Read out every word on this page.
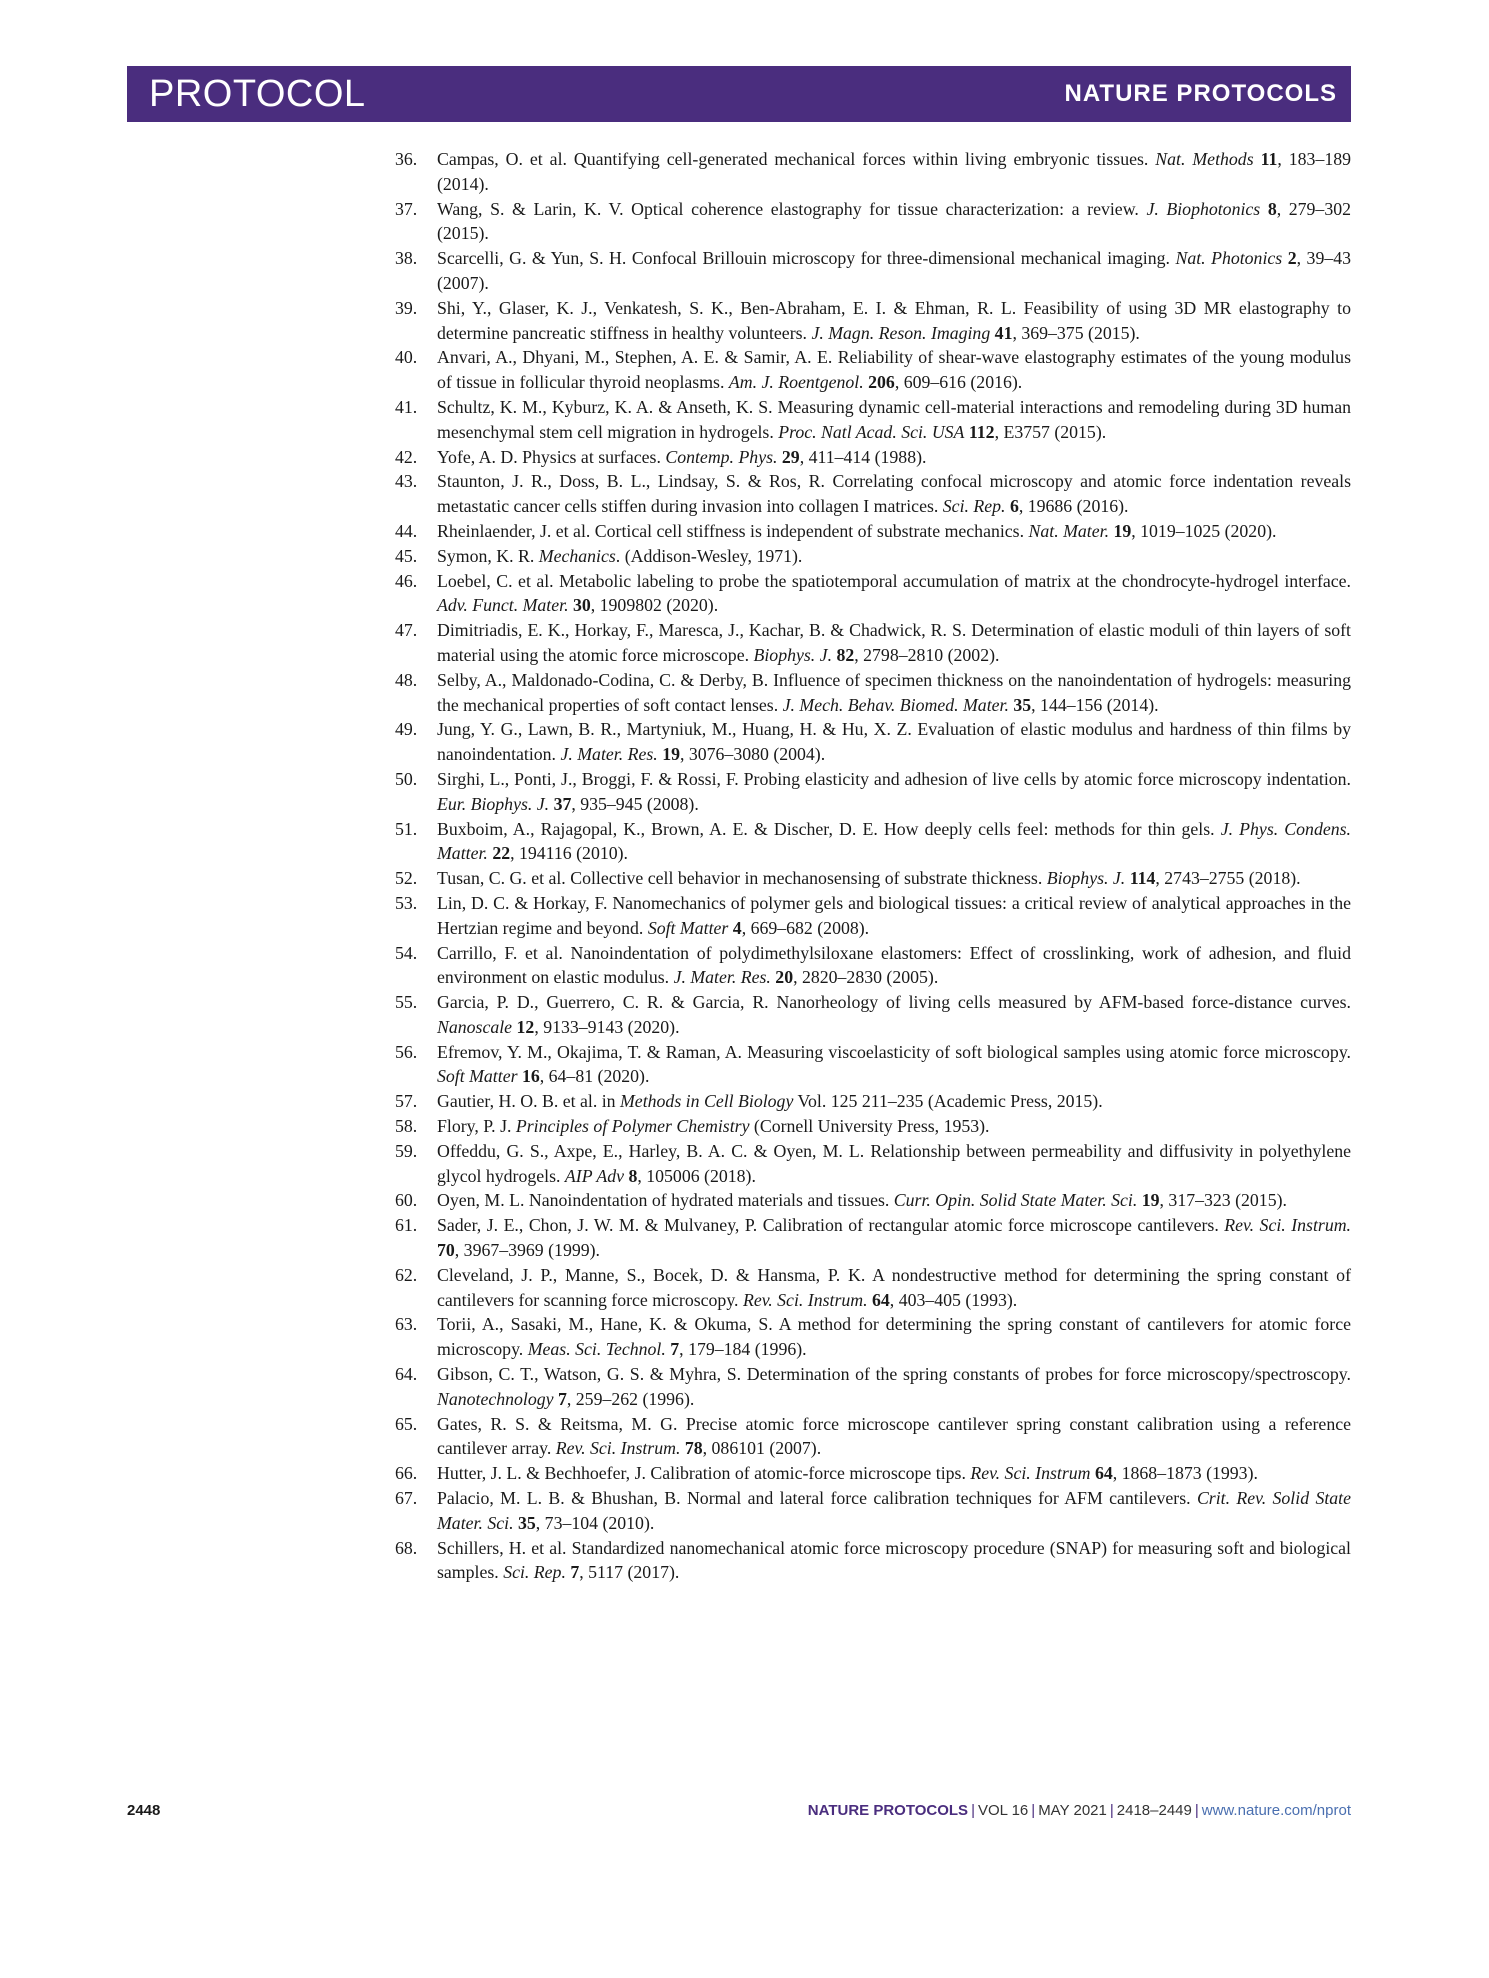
PROTOCOL	NATURE PROTOCOLS
36. Campas, O. et al. Quantifying cell-generated mechanical forces within living embryonic tissues. Nat. Methods 11, 183–189 (2014).
37. Wang, S. & Larin, K. V. Optical coherence elastography for tissue characterization: a review. J. Biophotonics 8, 279–302 (2015).
38. Scarcelli, G. & Yun, S. H. Confocal Brillouin microscopy for three-dimensional mechanical imaging. Nat. Photonics 2, 39–43 (2007).
39. Shi, Y., Glaser, K. J., Venkatesh, S. K., Ben-Abraham, E. I. & Ehman, R. L. Feasibility of using 3D MR elastography to determine pancreatic stiffness in healthy volunteers. J. Magn. Reson. Imaging 41, 369–375 (2015).
40. Anvari, A., Dhyani, M., Stephen, A. E. & Samir, A. E. Reliability of shear-wave elastography estimates of the young modulus of tissue in follicular thyroid neoplasms. Am. J. Roentgenol. 206, 609–616 (2016).
41. Schultz, K. M., Kyburz, K. A. & Anseth, K. S. Measuring dynamic cell-material interactions and remodeling during 3D human mesenchymal stem cell migration in hydrogels. Proc. Natl Acad. Sci. USA 112, E3757 (2015).
42. Yofe, A. D. Physics at surfaces. Contemp. Phys. 29, 411–414 (1988).
43. Staunton, J. R., Doss, B. L., Lindsay, S. & Ros, R. Correlating confocal microscopy and atomic force indentation reveals metastatic cancer cells stiffen during invasion into collagen I matrices. Sci. Rep. 6, 19686 (2016).
44. Rheinlaender, J. et al. Cortical cell stiffness is independent of substrate mechanics. Nat. Mater. 19, 1019–1025 (2020).
45. Symon, K. R. Mechanics. (Addison-Wesley, 1971).
46. Loebel, C. et al. Metabolic labeling to probe the spatiotemporal accumulation of matrix at the chondrocyte-hydrogel interface. Adv. Funct. Mater. 30, 1909802 (2020).
47. Dimitriadis, E. K., Horkay, F., Maresca, J., Kachar, B. & Chadwick, R. S. Determination of elastic moduli of thin layers of soft material using the atomic force microscope. Biophys. J. 82, 2798–2810 (2002).
48. Selby, A., Maldonado-Codina, C. & Derby, B. Influence of specimen thickness on the nanoindentation of hydrogels: measuring the mechanical properties of soft contact lenses. J. Mech. Behav. Biomed. Mater. 35, 144–156 (2014).
49. Jung, Y. G., Lawn, B. R., Martyniuk, M., Huang, H. & Hu, X. Z. Evaluation of elastic modulus and hardness of thin films by nanoindentation. J. Mater. Res. 19, 3076–3080 (2004).
50. Sirghi, L., Ponti, J., Broggi, F. & Rossi, F. Probing elasticity and adhesion of live cells by atomic force microscopy indentation. Eur. Biophys. J. 37, 935–945 (2008).
51. Buxboim, A., Rajagopal, K., Brown, A. E. & Discher, D. E. How deeply cells feel: methods for thin gels. J. Phys. Condens. Matter. 22, 194116 (2010).
52. Tusan, C. G. et al. Collective cell behavior in mechanosensing of substrate thickness. Biophys. J. 114, 2743–2755 (2018).
53. Lin, D. C. & Horkay, F. Nanomechanics of polymer gels and biological tissues: a critical review of analytical approaches in the Hertzian regime and beyond. Soft Matter 4, 669–682 (2008).
54. Carrillo, F. et al. Nanoindentation of polydimethylsiloxane elastomers: Effect of crosslinking, work of adhesion, and fluid environment on elastic modulus. J. Mater. Res. 20, 2820–2830 (2005).
55. Garcia, P. D., Guerrero, C. R. & Garcia, R. Nanorheology of living cells measured by AFM-based force-distance curves. Nanoscale 12, 9133–9143 (2020).
56. Efremov, Y. M., Okajima, T. & Raman, A. Measuring viscoelasticity of soft biological samples using atomic force microscopy. Soft Matter 16, 64–81 (2020).
57. Gautier, H. O. B. et al. in Methods in Cell Biology Vol. 125 211–235 (Academic Press, 2015).
58. Flory, P. J. Principles of Polymer Chemistry (Cornell University Press, 1953).
59. Offeddu, G. S., Axpe, E., Harley, B. A. C. & Oyen, M. L. Relationship between permeability and diffusivity in polyethylene glycol hydrogels. AIP Adv 8, 105006 (2018).
60. Oyen, M. L. Nanoindentation of hydrated materials and tissues. Curr. Opin. Solid State Mater. Sci. 19, 317–323 (2015).
61. Sader, J. E., Chon, J. W. M. & Mulvaney, P. Calibration of rectangular atomic force microscope cantilevers. Rev. Sci. Instrum. 70, 3967–3969 (1999).
62. Cleveland, J. P., Manne, S., Bocek, D. & Hansma, P. K. A nondestructive method for determining the spring constant of cantilevers for scanning force microscopy. Rev. Sci. Instrum. 64, 403–405 (1993).
63. Torii, A., Sasaki, M., Hane, K. & Okuma, S. A method for determining the spring constant of cantilevers for atomic force microscopy. Meas. Sci. Technol. 7, 179–184 (1996).
64. Gibson, C. T., Watson, G. S. & Myhra, S. Determination of the spring constants of probes for force microscopy/spectroscopy. Nanotechnology 7, 259–262 (1996).
65. Gates, R. S. & Reitsma, M. G. Precise atomic force microscope cantilever spring constant calibration using a reference cantilever array. Rev. Sci. Instrum. 78, 086101 (2007).
66. Hutter, J. L. & Bechhoefer, J. Calibration of atomic-force microscope tips. Rev. Sci. Instrum 64, 1868–1873 (1993).
67. Palacio, M. L. B. & Bhushan, B. Normal and lateral force calibration techniques for AFM cantilevers. Crit. Rev. Solid State Mater. Sci. 35, 73–104 (2010).
68. Schillers, H. et al. Standardized nanomechanical atomic force microscopy procedure (SNAP) for measuring soft and biological samples. Sci. Rep. 7, 5117 (2017).
2448	NATURE PROTOCOLS | VOL 16 | MAY 2021 | 2418–2449 | www.nature.com/nprot
